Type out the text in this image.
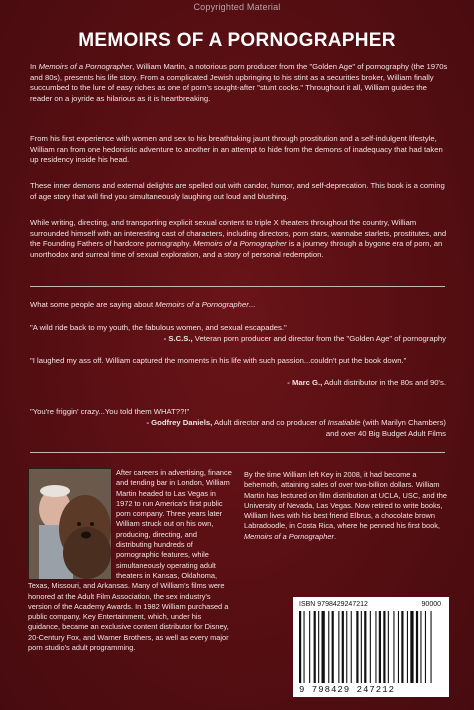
Copyrighted Material
MEMOIRS OF A PORNOGRAPHER

In Memoirs of a Pornographer, William Martin, a notorious porn producer from the "Golden Age" of pornography (the 1970s and 80s), presents his life story. From a complicated Jewish upbringing to his stint as a securities broker, William finally succumbed to the lure of easy riches as one of porn's sought-after "stunt cocks." Throughout it all, William guides the reader on a joyride as hilarious as it is heartbreaking.

From his first experience with women and sex to his breathtaking jaunt through prostitution and a self-indulgent lifestyle, William ran from one hedonistic adventure to another in an attempt to hide from the demons of inadequacy that had taken up residency inside his head.

These inner demons and external delights are spelled out with candor, humor, and self-deprecation. This book is a coming of age story that will find you simultaneously laughing out loud and blushing.

While writing, directing, and transporting explicit sexual content to triple X theaters throughout the country, William surrounded himself with an interesting cast of characters, including directors, porn stars, wannabe starlets, prostitutes, and the Founding Fathers of hardcore pornography. Memoirs of a Pornographer is a journey through a bygone era of porn, an unorthodox and surreal time of sexual exploration, and a story of personal redemption.

What some people are saying about Memoirs of a Pornographer...

"A wild ride back to my youth, the fabulous women, and sexual escapades."

- S.C.S., Veteran porn producer and director from the "Golden Age" of pornography

"I laughed my ass off. William captured the moments in his life with such passion...couldn't put the book down."

- Marc G., Adult distributor in the 80s and 90's.

"You're friggin' crazy...You told them WHAT??!"

- Godfrey Daniels, Adult director and co producer of Insatiable (with Marilyn Chambers)

and over 40 Big Budget Adult Films

After careers in advertising, finance and tending bar in London, William Martin headed to Las Vegas in 1972 to run America's first public porn company. Three years later William struck out on his own, producing, directing, and distributing hundreds of pornographic features, while simultaneously operating adult theaters in Kansas, Oklahoma, Texas, Missouri, and Arkansas. Many of William's films were honored at the Adult Film Association, the sex industry's version of the Academy Awards. In 1982 William purchased a public company, Key Entertainment, which, under his guidance, became an exclusive content distributor for Disney, 20-Century Fox, and Warner Brothers, as well as every major porn studio's adult programming.

By the time William left Key in 2008, it had become a behemoth, attaining sales of over two-billion dollars. William Martin has lectured on film distribution at UCLA, USC, and the University of Nevada, Las Vegas. Now retired to write books, William lives with his best friend Elbrus, a chocolate brown Labradoodle, in Costa Rica, where he penned his first book, Memoirs of a Pornographer.

ISBN 9798429247212	90000
9 798429 247212
